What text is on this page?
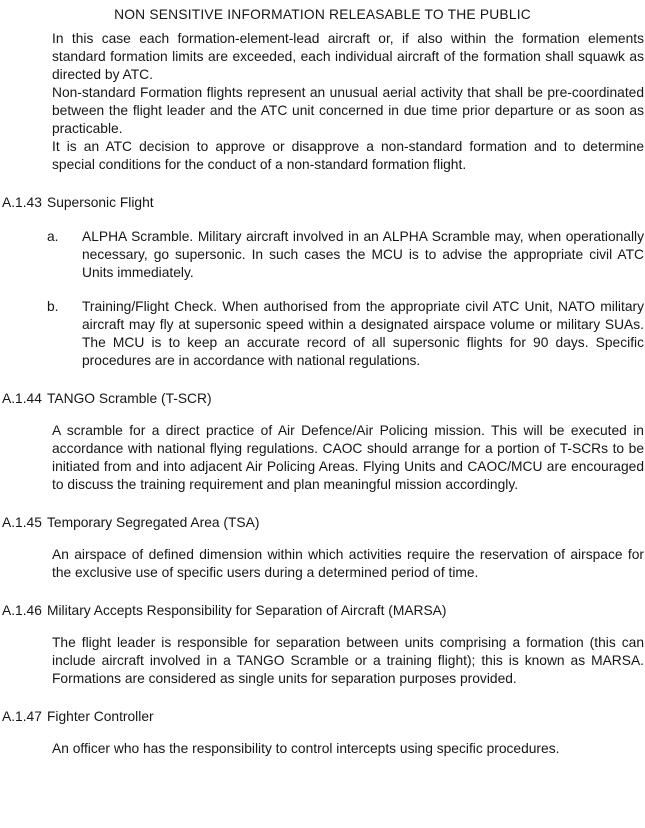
NON SENSITIVE INFORMATION RELEASABLE TO THE PUBLIC

In this case each formation-element-lead aircraft or, if also within the formation elements standard formation limits are exceeded, each individual aircraft of the formation shall squawk as directed by ATC.

Non-standard Formation flights represent an unusual aerial activity that shall be pre-coordinated between the flight leader and the ATC unit concerned in due time prior departure or as soon as practicable.

It is an ATC decision to approve or disapprove a non-standard formation and to determine special conditions for the conduct of a non-standard formation flight.

A.1.43 Supersonic Flight
a.	ALPHA Scramble. Military aircraft involved in an ALPHA Scramble may, when operationally necessary, go supersonic. In such cases the MCU is to advise the appropriate civil ATC Units immediately.

b.	Training/Flight Check. When authorised from the appropriate civil ATC Unit, NATO military aircraft may fly at supersonic speed within a designated airspace volume or military SUAs. The MCU is to keep an accurate record of all supersonic flights for 90 days. Specific procedures are in accordance with national regulations.

A.1.44 TANGO Scramble (T-SCR)

A scramble for a direct practice of Air Defence/Air Policing mission. This will be executed in accordance with national flying regulations. CAOC should arrange for a portion of T-SCRs to be initiated from and into adjacent Air Policing Areas. Flying Units and CAOC/MCU are encouraged to discuss the training requirement and plan meaningful mission accordingly.

A.1.45 Temporary Segregated Area (TSA)

An airspace of defined dimension within which activities require the reservation of airspace for the exclusive use of specific users during a determined period of time.

A.1.46 Military Accepts Responsibility for Separation of Aircraft (MARSA)

The flight leader is responsible for separation between units comprising a formation (this can include aircraft involved in a TANGO Scramble or a training flight); this is known as MARSA. Formations are considered as single units for separation purposes provided.

A.1.47 Fighter Controller

An officer who has the responsibility to control intercepts using specific procedures.
